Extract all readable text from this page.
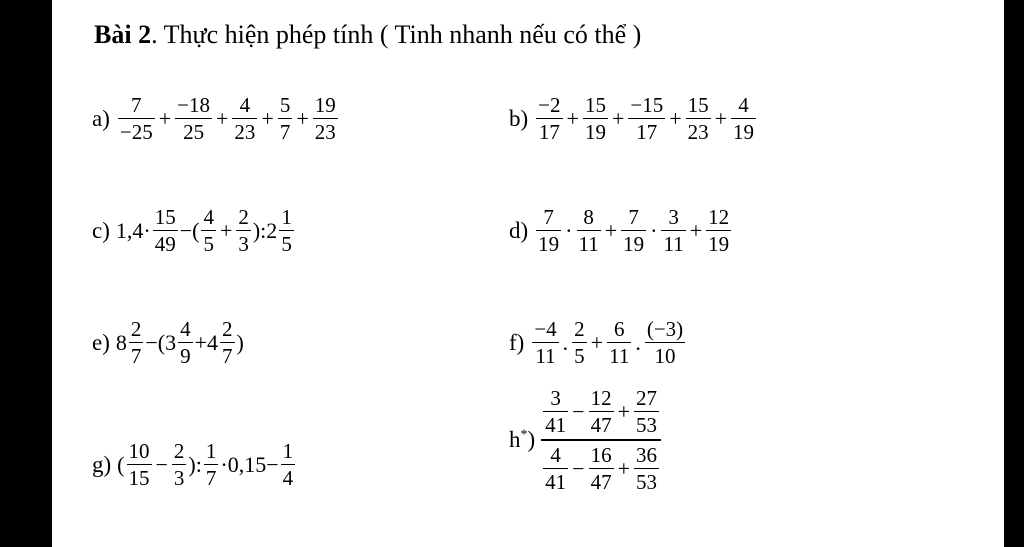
Bài 2. Thực hiện phép tính ( Tinh nhanh nếu có thể )
$a) \frac{7}{-25} + \frac{-18}{25} + \frac{4}{23} + \frac{5}{7} + \frac{19}{23}$	$b) \frac{-2}{17} + \frac{15}{19} + \frac{-15}{17} + \frac{15}{23} + \frac{4}{19}$
c) $1,4\cdot \frac{15}{49}$ −( $\frac{4}{5} + \frac{2}{3}$ ):2 $\frac{1}{5}$	$d) \frac{7}{19} \cdot \frac{8}{11} + \frac{7}{19} \cdot \frac{3}{11} + \frac{12}{19}$
e) $8 \frac{2}{7} -(3 \frac{4}{9} +4 \frac{2}{7}$ )	$f) \frac{-4}{11}$ . $\frac{2}{5} + \frac{6}{11}$ . $\frac{(-3)}{10}$
g) ( $\frac{10}{15} - \frac{2}{3}$ ): $\frac{1}{7} \cdot 0,15- \frac{1}{4}$
h*)
$\frac{3}{41} - \frac{12}{47} + \frac{27}{53}$
$\frac{4}{41} - \frac{16}{47} + \frac{36}{53}$
